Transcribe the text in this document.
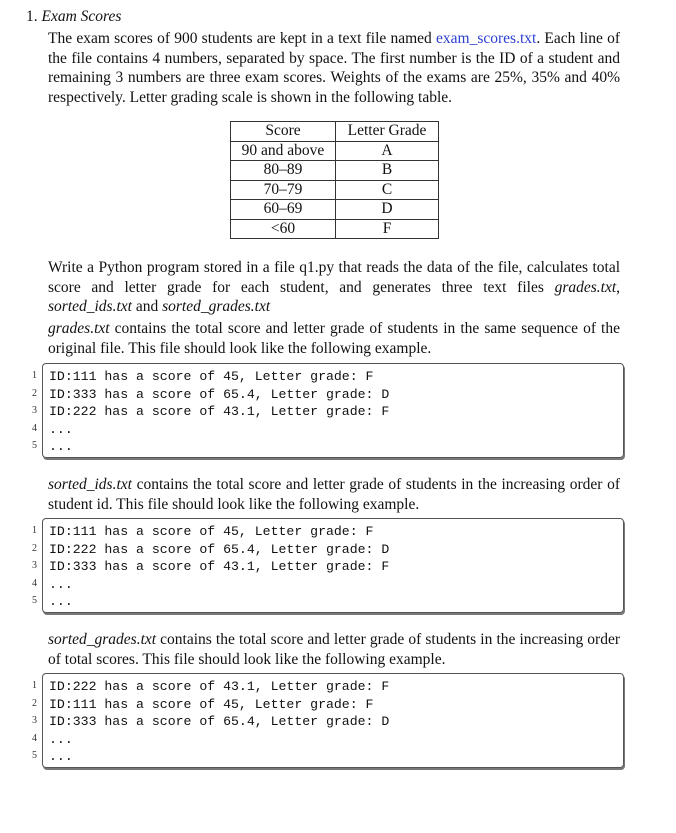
1. Exam Scores

The exam scores of 900 students are kept in a text file named exam_scores.txt. Each line of the file contains 4 numbers, separated by space. The first number is the ID of a student and remaining 3 numbers are three exam scores. Weights of the exams are 25%, 35% and 40% respectively. Letter grading scale is shown in the following table.

Score	Letter Grade
90 and above	A
80–89	B
70–79	C
60–69	D
<60	F

Write a Python program stored in a file q1.py that reads the data of the file, calculates total score and letter grade for each student, and generates three text files grades.txt, sorted_ids.txt and sorted_grades.txt

grades.txt contains the total score and letter grade of students in the same sequence of the original file. This file should look like the following example.

1 ID:111 has a score of 45, Letter grade: F
2 ID:333 has a score of 65.4, Letter grade: D
3 ID:222 has a score of 43.1, Letter grade: F
4 ...
5 ...

sorted_ids.txt contains the total score and letter grade of students in the increasing order of student id. This file should look like the following example.

1 ID:111 has a score of 45, Letter grade: F
2 ID:222 has a score of 65.4, Letter grade: D
3 ID:333 has a score of 43.1, Letter grade: F
4 ...
5 ...

sorted_grades.txt contains the total score and letter grade of students in the increasing order of total scores. This file should look like the following example.

1 ID:222 has a score of 43.1, Letter grade: F
2 ID:111 has a score of 45, Letter grade: F
3 ID:333 has a score of 65.4, Letter grade: D
4 ...
5 ...
